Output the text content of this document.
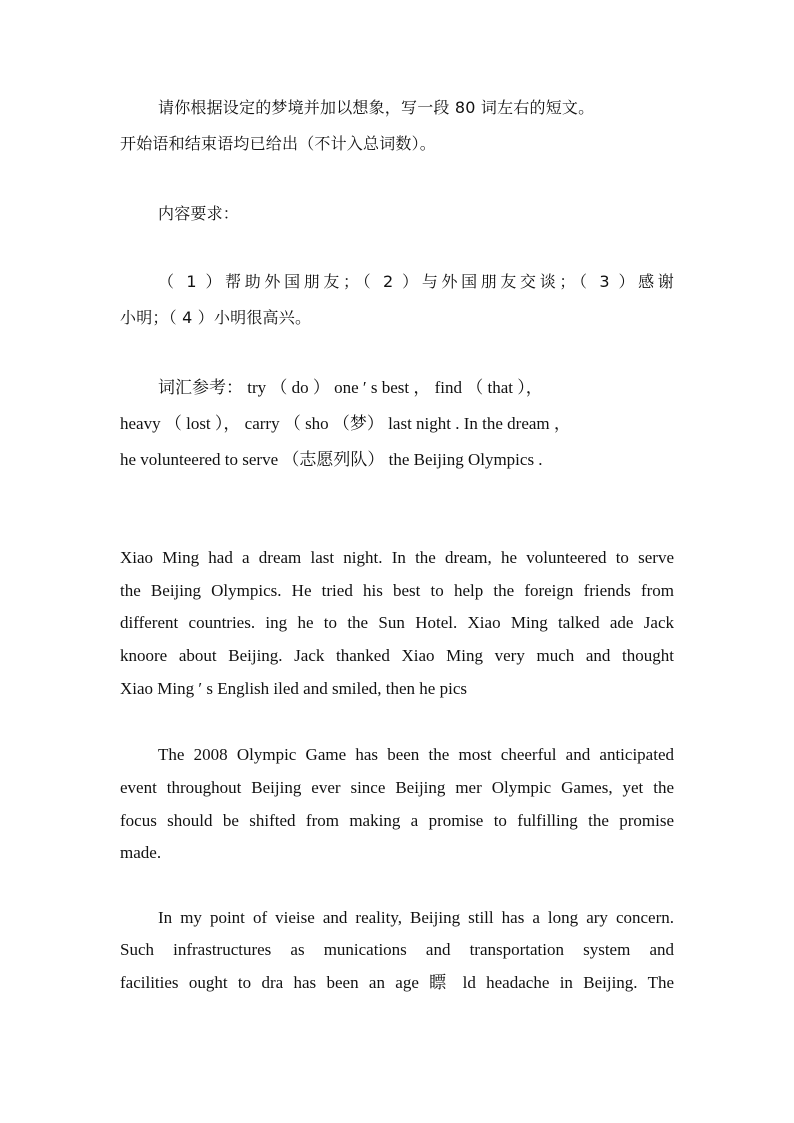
请你根据设定的梦境并加以想象，写一段 80 词左右的短文。
开始语和结束语均已给出（不计入总词数）。
内容要求：
（ 1 ）帮助外国朋友；（ 2 ）与外国朋友交谈；（ 3 ）感谢
小明；（ 4 ）小明很高兴。
词汇参考： try （ do ） one ′ s best ， find （ that ），
heavy （ lost ）， carry （ sho （梦） last night . In the dream ，
he volunteered to serve （志愿列队） the Beijing Olympics .
Xiao Ming had a dream last night. In the dream, he volunteered to serve
the Beijing Olympics. He tried his best to help the foreign friends from
different countries. ing he to the Sun Hotel. Xiao Ming talked ade Jack
knoore about Beijing. Jack thanked Xiao Ming very much and thought
Xiao Ming ′ s English iled and smiled, then he pics
The 2008 Olympic Game has been the most cheerful and anticipated
event throughout Beijing ever since Beijing mer Olympic Games, yet the
focus should be shifted from making a promise to fulfilling the promise
made.
In my point of vieise and reality, Beijing still has a long ary concern.
Such infrastructures as munications and transportation system and
facilities ought to dra has been an age 瞟 ld headache in Beijing. The
